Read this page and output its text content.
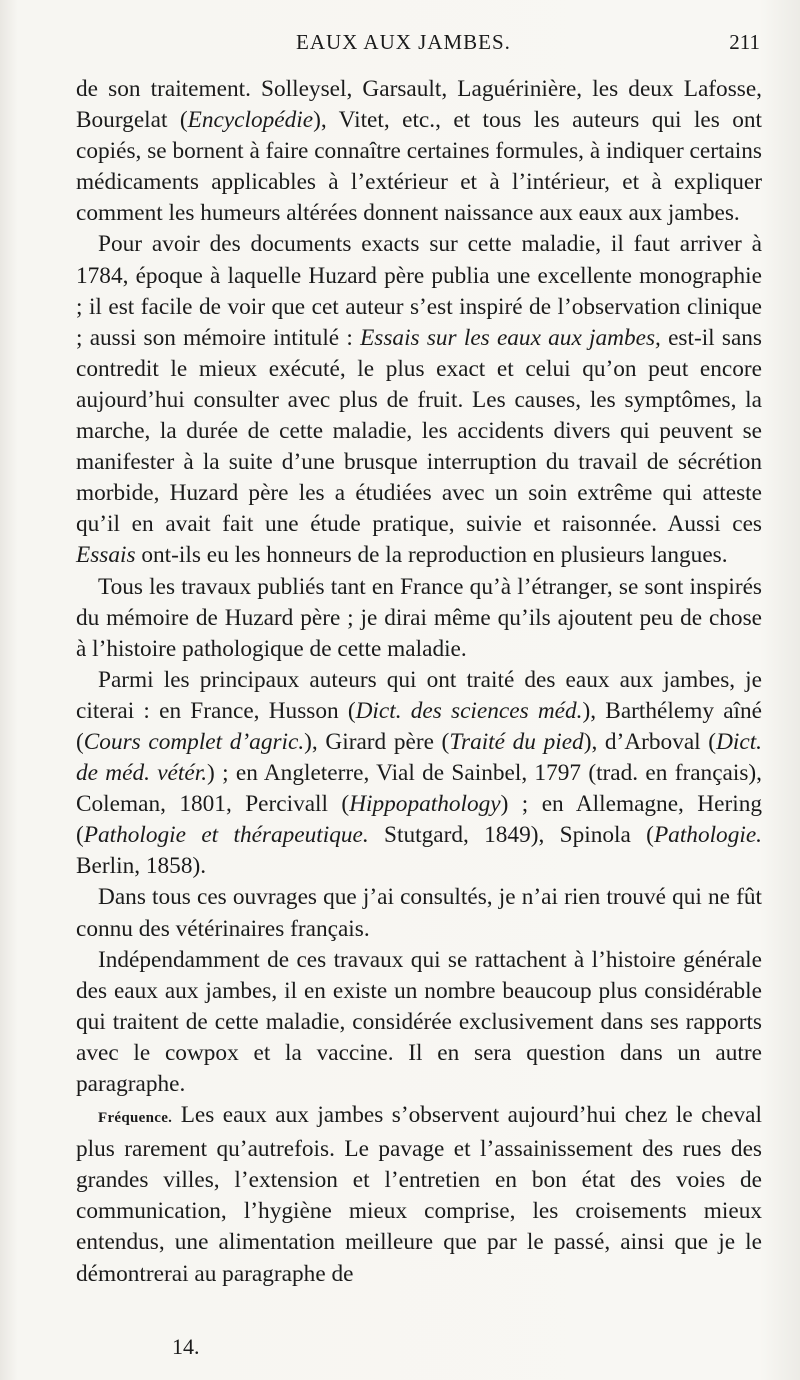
EAUX AUX JAMBES.	211

de son traitement. Solleysel, Garsault, Laguérinière, les deux Lafosse, Bourgelat (Encyclopédie), Vitet, etc., et tous les auteurs qui les ont copiés, se bornent à faire connaître certaines formules, à indiquer certains médicaments applicables à l’extérieur et à l’intérieur, et à expliquer comment les humeurs altérées donnent naissance aux eaux aux jambes.

Pour avoir des documents exacts sur cette maladie, il faut arriver à 1784, époque à laquelle Huzard père publia une excellente monographie ; il est facile de voir que cet auteur s’est inspiré de l’observation clinique ; aussi son mémoire intitulé : Essais sur les eaux aux jambes, est-il sans contredit le mieux exécuté, le plus exact et celui qu’on peut encore aujourd’hui consulter avec plus de fruit. Les causes, les symptômes, la marche, la durée de cette maladie, les accidents divers qui peuvent se manifester à la suite d’une brusque interruption du travail de sécrétion morbide, Huzard père les a étudiées avec un soin extrême qui atteste qu’il en avait fait une étude pratique, suivie et raisonnée. Aussi ces Essais ont-ils eu les honneurs de la reproduction en plusieurs langues.

Tous les travaux publiés tant en France qu’à l’étranger, se sont inspirés du mémoire de Huzard père ; je dirai même qu’ils ajoutent peu de chose à l’histoire pathologique de cette maladie.

Parmi les principaux auteurs qui ont traité des eaux aux jambes, je citerai : en France, Husson (Dict. des sciences méd.), Barthélemy aîné (Cours complet d’agric.), Girard père (Traité du pied), d’Arboval (Dict. de méd. vétér.) ; en Angleterre, Vial de Sainbel, 1797 (trad. en français), Coleman, 1801, Percivall (Hippopathology) ; en Allemagne, Hering (Pathologie et thérapeutique. Stutgard, 1849), Spinola (Pathologie. Berlin, 1858).

Dans tous ces ouvrages que j’ai consultés, je n’ai rien trouvé qui ne fût connu des vétérinaires français.

Indépendamment de ces travaux qui se rattachent à l’histoire générale des eaux aux jambes, il en existe un nombre beaucoup plus considérable qui traitent de cette maladie, considérée exclusivement dans ses rapports avec le cowpox et la vaccine. Il en sera question dans un autre paragraphe.

Fréquence. Les eaux aux jambes s’observent aujourd’hui chez le cheval plus rarement qu’autrefois. Le pavage et l’assainissement des rues des grandes villes, l’extension et l’entretien en bon état des voies de communication, l’hygiène mieux comprise, les croisements mieux entendus, une alimentation meilleure que par le passé, ainsi que je le démontrerai au paragraphe de

14.
